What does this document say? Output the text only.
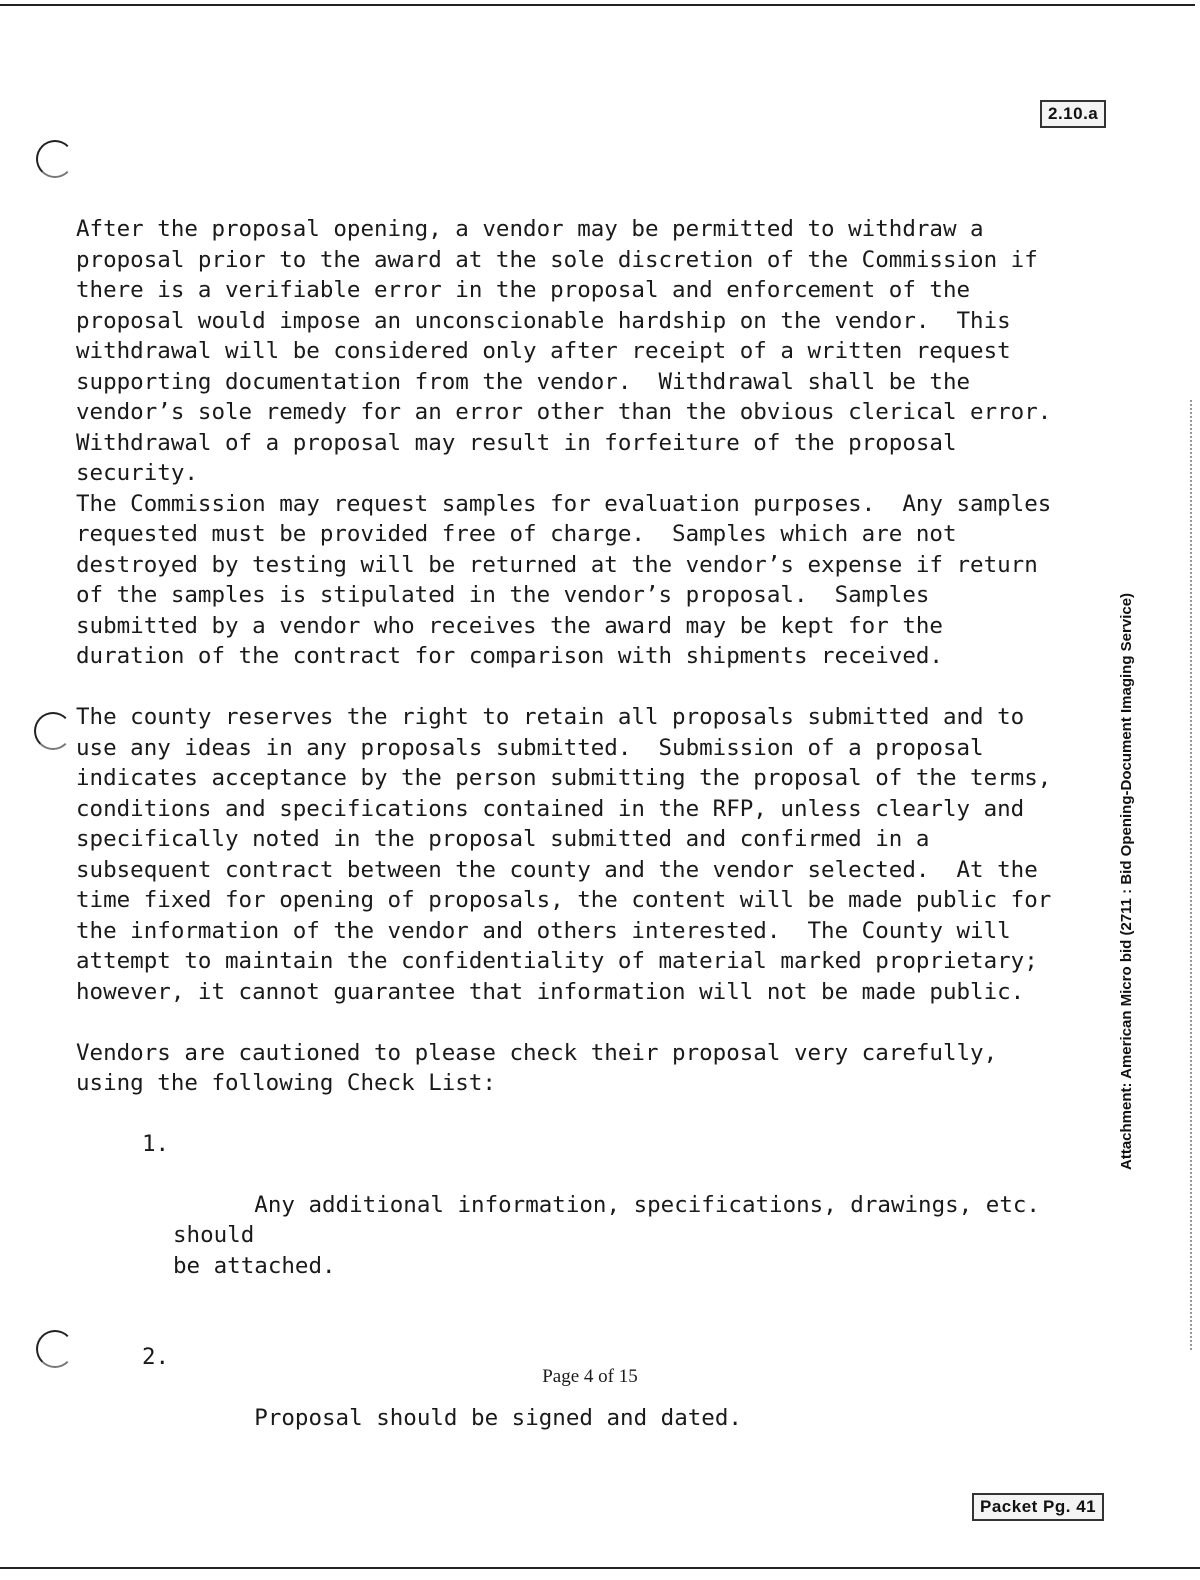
2.10.a

After the proposal opening, a vendor may be permitted to withdraw a
proposal prior to the award at the sole discretion of the Commission if
there is a verifiable error in the proposal and enforcement of the
proposal would impose an unconscionable hardship on the vendor.  This
withdrawal will be considered only after receipt of a written request
supporting documentation from the vendor.  Withdrawal shall be the
vendor’s sole remedy for an error other than the obvious clerical error.
Withdrawal of a proposal may result in forfeiture of the proposal
security.

The Commission may request samples for evaluation purposes.  Any samples
requested must be provided free of charge.  Samples which are not
destroyed by testing will be returned at the vendor’s expense if return
of the samples is stipulated in the vendor’s proposal.  Samples
submitted by a vendor who receives the award may be kept for the
duration of the contract for comparison with shipments received.

The county reserves the right to retain all proposals submitted and to
use any ideas in any proposals submitted.  Submission of a proposal
indicates acceptance by the person submitting the proposal of the terms,
conditions and specifications contained in the RFP, unless clearly and
specifically noted in the proposal submitted and confirmed in a
subsequent contract between the county and the vendor selected.  At the
time fixed for opening of proposals, the content will be made public for
the information of the vendor and others interested.  The County will
attempt to maintain the confidentiality of material marked proprietary;
however, it cannot guarantee that information will not be made public.

Vendors are cautioned to please check their proposal very carefully,
using the following Check List:

1.

Any additional information, specifications, drawings, etc. should
be attached.

2.

Proposal should be signed and dated.

Attachment: American Micro bid (2711 : Bid Opening-Document Imaging Service)
Page 4 of 15
Packet Pg. 41
